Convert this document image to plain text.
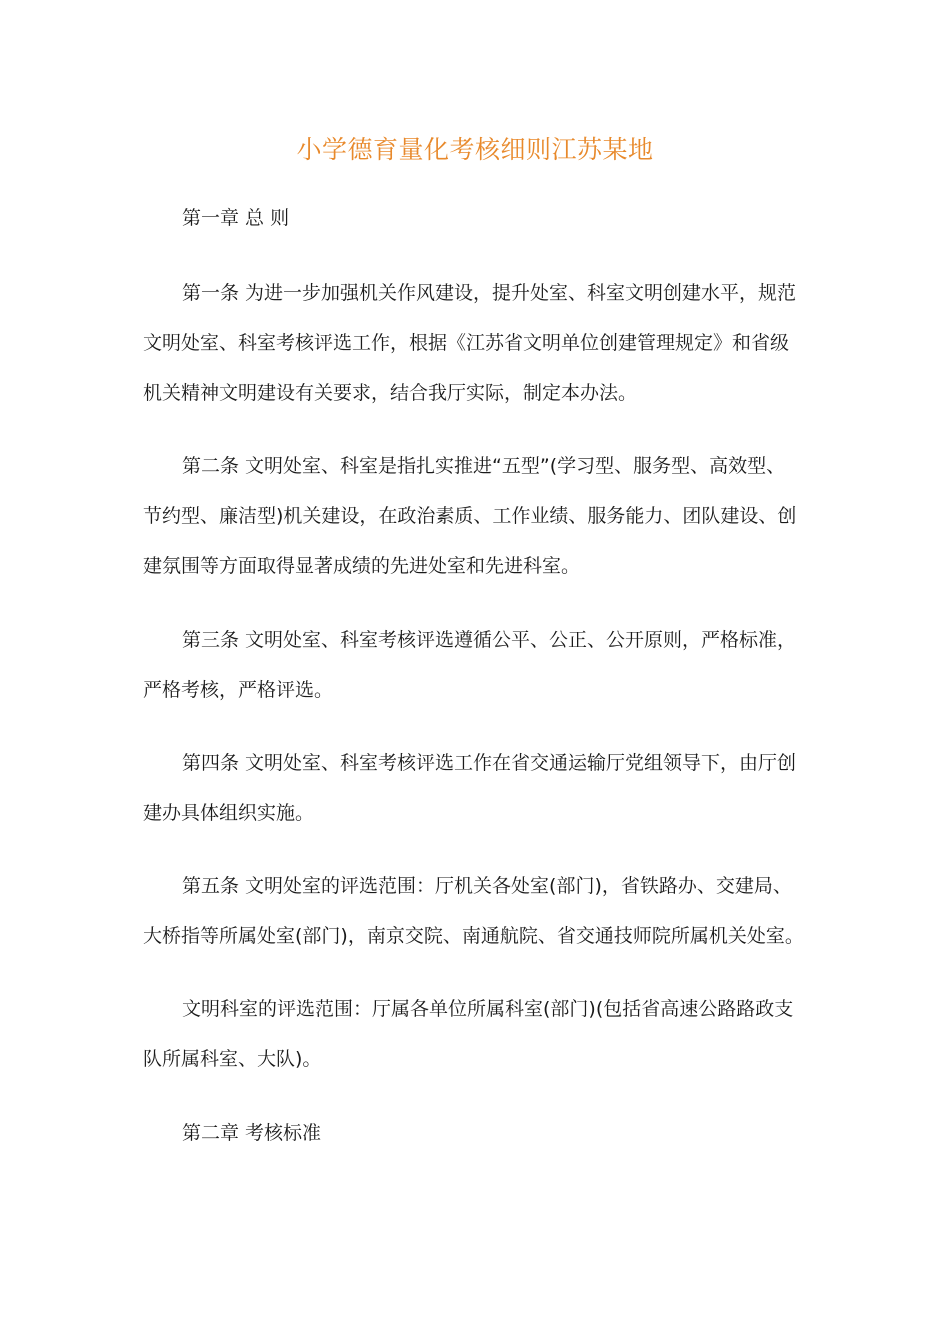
小学德育量化考核细则江苏某地

第一章 总 则

第一条 为进一步加强机关作风建设，提升处室、科室文明创建水平，规范
文明处室、科室考核评选工作，根据《江苏省文明单位创建管理规定》和省级
机关精神文明建设有关要求，结合我厅实际，制定本办法。

第二条 文明处室、科室是指扎实推进“五型”(学习型、服务型、高效型、
节约型、廉洁型)机关建设，在政治素质、工作业绩、服务能力、团队建设、创
建氛围等方面取得显著成绩的先进处室和先进科室。

第三条 文明处室、科室考核评选遵循公平、公正、公开原则，严格标准，
严格考核，严格评选。

第四条 文明处室、科室考核评选工作在省交通运输厅党组领导下，由厅创
建办具体组织实施。

第五条 文明处室的评选范围：厅机关各处室(部门)，省铁路办、交建局、
大桥指等所属处室(部门)，南京交院、南通航院、省交通技师院所属机关处室。

文明科室的评选范围：厅属各单位所属科室(部门)(包括省高速公路路政支
队所属科室、大队)。

第二章 考核标准
